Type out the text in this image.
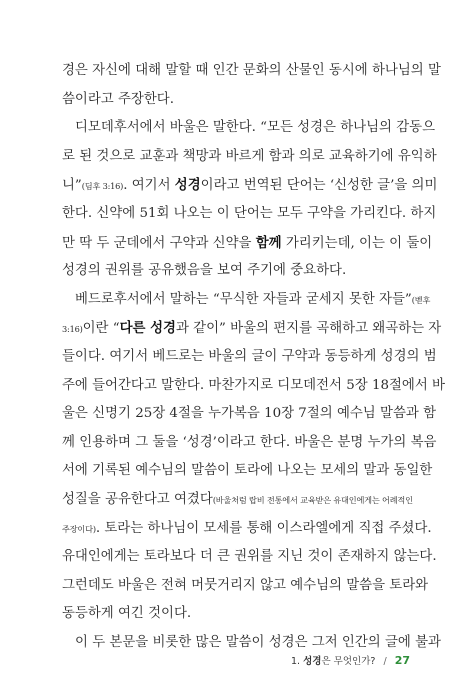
경은 자신에 대해 말할 때 인간 문화의 산물인 동시에 하나님의 말
씀이라고 주장한다.
디모데후서에서 바울은 말한다. “모든 성경은 하나님의 감동으
로 된 것으로 교훈과 책망과 바르게 함과 의로 교육하기에 유익하
니”(딤후 3:16). 여기서 성경이라고 번역된 단어는 ‘신성한 글’을 의미
한다. 신약에 51회 나오는 이 단어는 모두 구약을 가리킨다. 하지
만 딱 두 군데에서 구약과 신약을 함께 가리키는데, 이는 이 둘이
성경의 권위를 공유했음을 보여 주기에 중요하다.
베드로후서에서 말하는 “무식한 자들과 굳세지 못한 자들”(벧후
3:16)이란 “다른 성경과 같이” 바울의 편지를 곡해하고 왜곡하는 자
들이다. 여기서 베드로는 바울의 글이 구약과 동등하게 성경의 범
주에 들어간다고 말한다. 마찬가지로 디모데전서 5장 18절에서 바
울은 신명기 25장 4절을 누가복음 10장 7절의 예수님 말씀과 함
께 인용하며 그 둘을 ‘성경’이라고 한다. 바울은 분명 누가의 복음
서에 기록된 예수님의 말씀이 토라에 나오는 모세의 말과 동일한
성질을 공유한다고 여겼다(바울처럼 랍비 전통에서 교육받은 유대인에게는 어례적인
주장이다). 토라는 하나님이 모세를 통해 이스라엘에게 직접 주셨다.
유대인에게는 토라보다 더 큰 권위를 지닌 것이 존재하지 않는다.
그런데도 바울은 전혀 머뭇거리지 않고 예수님의 말씀을 토라와
동등하게 여긴 것이다.
이 두 본문을 비롯한 많은 말씀이 성경은 그저 인간의 글에 불과
1. 성경은 무엇인가? / 27
